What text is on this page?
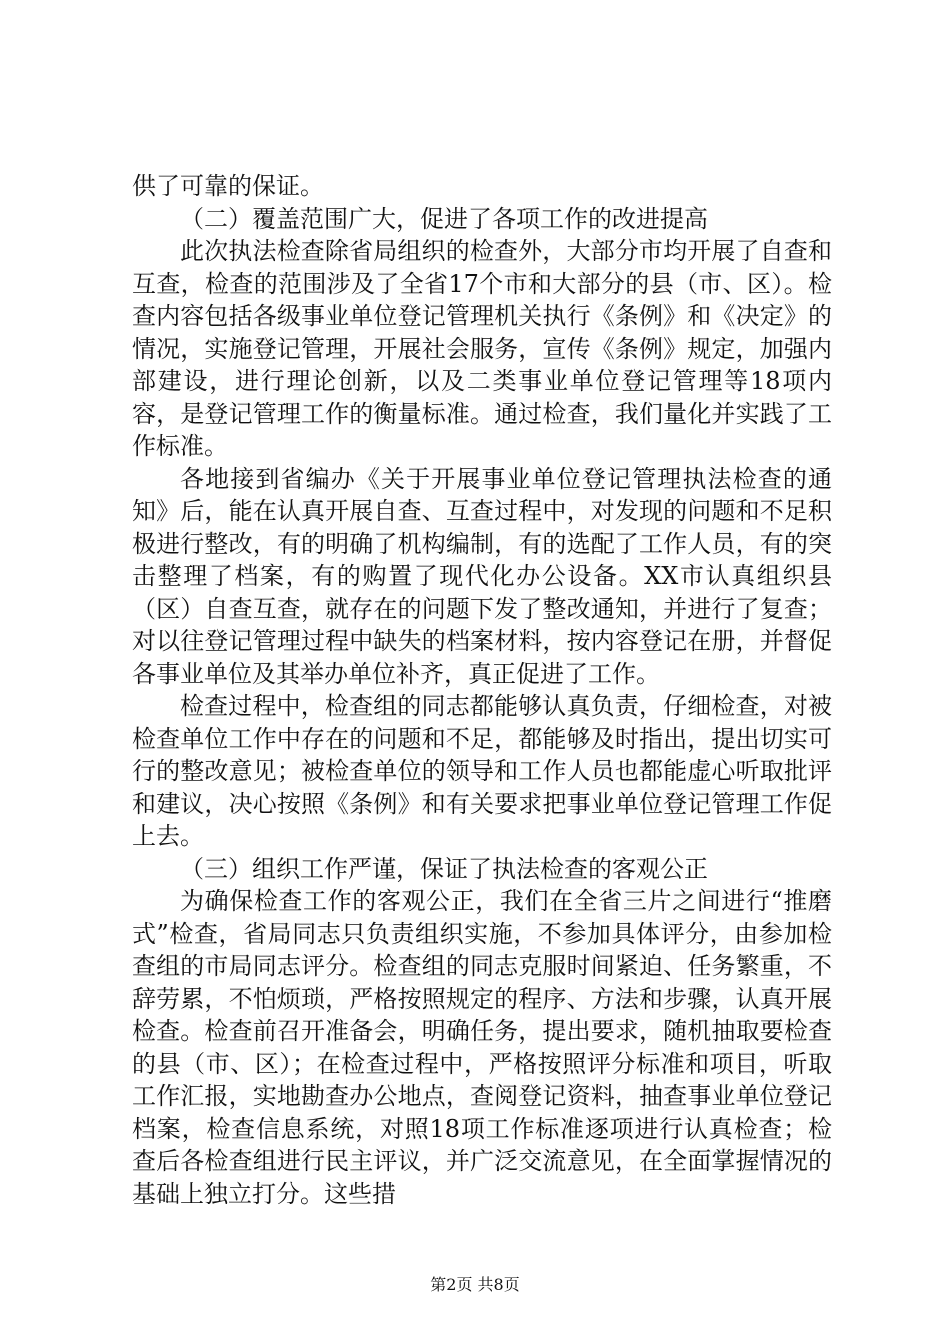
供了可靠的保证。

（二）覆盖范围广大，促进了各项工作的改进提高

此次执法检查除省局组织的检查外，大部分市均开展了自查和互查，检查的范围涉及了全省17个市和大部分的县（市、区）。检查内容包括各级事业单位登记管理机关执行《条例》和《决定》的情况，实施登记管理，开展社会服务，宣传《条例》规定，加强内部建设，进行理论创新，以及二类事业单位登记管理等18项内容，是登记管理工作的衡量标准。通过检查，我们量化并实践了工作标准。

各地接到省编办《关于开展事业单位登记管理执法检查的通知》后，能在认真开展自查、互查过程中，对发现的问题和不足积极进行整改，有的明确了机构编制，有的选配了工作人员，有的突击整理了档案，有的购置了现代化办公设备。XX市认真组织县（区）自查互查，就存在的问题下发了整改通知，并进行了复查；对以往登记管理过程中缺失的档案材料，按内容登记在册，并督促各事业单位及其举办单位补齐，真正促进了工作。

检查过程中，检查组的同志都能够认真负责，仔细检查，对被检查单位工作中存在的问题和不足，都能够及时指出，提出切实可行的整改意见；被检查单位的领导和工作人员也都能虚心听取批评和建议，决心按照《条例》和有关要求把事业单位登记管理工作促上去。

（三）组织工作严谨，保证了执法检查的客观公正

为确保检查工作的客观公正，我们在全省三片之间进行“推磨式”检查，省局同志只负责组织实施，不参加具体评分，由参加检查组的市局同志评分。检查组的同志克服时间紧迫、任务繁重，不辞劳累，不怕烦琐，严格按照规定的程序、方法和步骤，认真开展检查。检查前召开准备会，明确任务，提出要求，随机抽取要检查的县（市、区）；在检查过程中，严格按照评分标准和项目，听取工作汇报，实地勘查办公地点，查阅登记资料，抽查事业单位登记档案，检查信息系统，对照18项工作标准逐项进行认真检查；检查后各检查组进行民主评议，并广泛交流意见，在全面掌握情况的基础上独立打分。这些措

第2页 共8页
